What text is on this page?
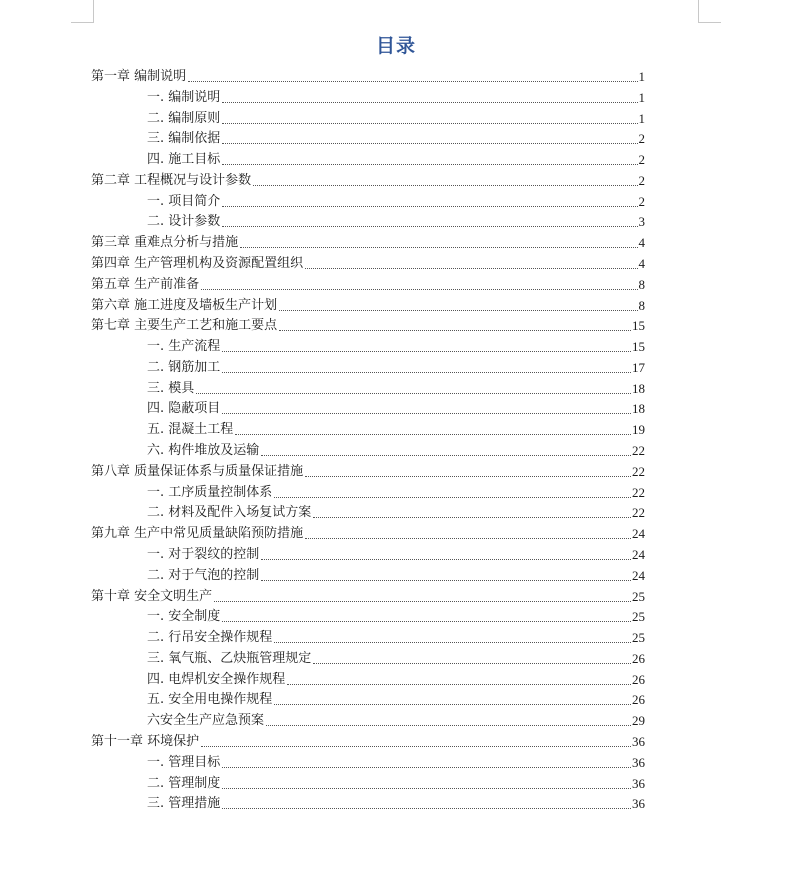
目录
第一章 编制说明	1
一. 编制说明	1
二. 编制原则	1
三. 编制依据	2
四. 施工目标	2
第二章 工程概况与设计参数	2
一. 项目简介	2
二. 设计参数	3
第三章 重难点分析与措施	4
第四章 生产管理机构及资源配置组织	4
第五章 生产前准备	8
第六章 施工进度及墙板生产计划	8
第七章 主要生产工艺和施工要点	15
一. 生产流程	15
二. 钢筋加工	17
三. 模具	18
四. 隐蔽项目	18
五. 混凝土工程	19
六. 构件堆放及运输	22
第八章 质量保证体系与质量保证措施	22
一. 工序质量控制体系	22
二. 材料及配件入场复试方案	22
第九章 生产中常见质量缺陷预防措施	24
一. 对于裂纹的控制	24
二. 对于气泡的控制	24
第十章 安全文明生产	25
一. 安全制度	25
二. 行吊安全操作规程	25
三. 氧气瓶、乙炔瓶管理规定	26
四. 电焊机安全操作规程	26
五. 安全用电操作规程	26
六安全生产应急预案	29
第十一章 环境保护	36
一. 管理目标	36
二. 管理制度	36
三. 管理措施	36
